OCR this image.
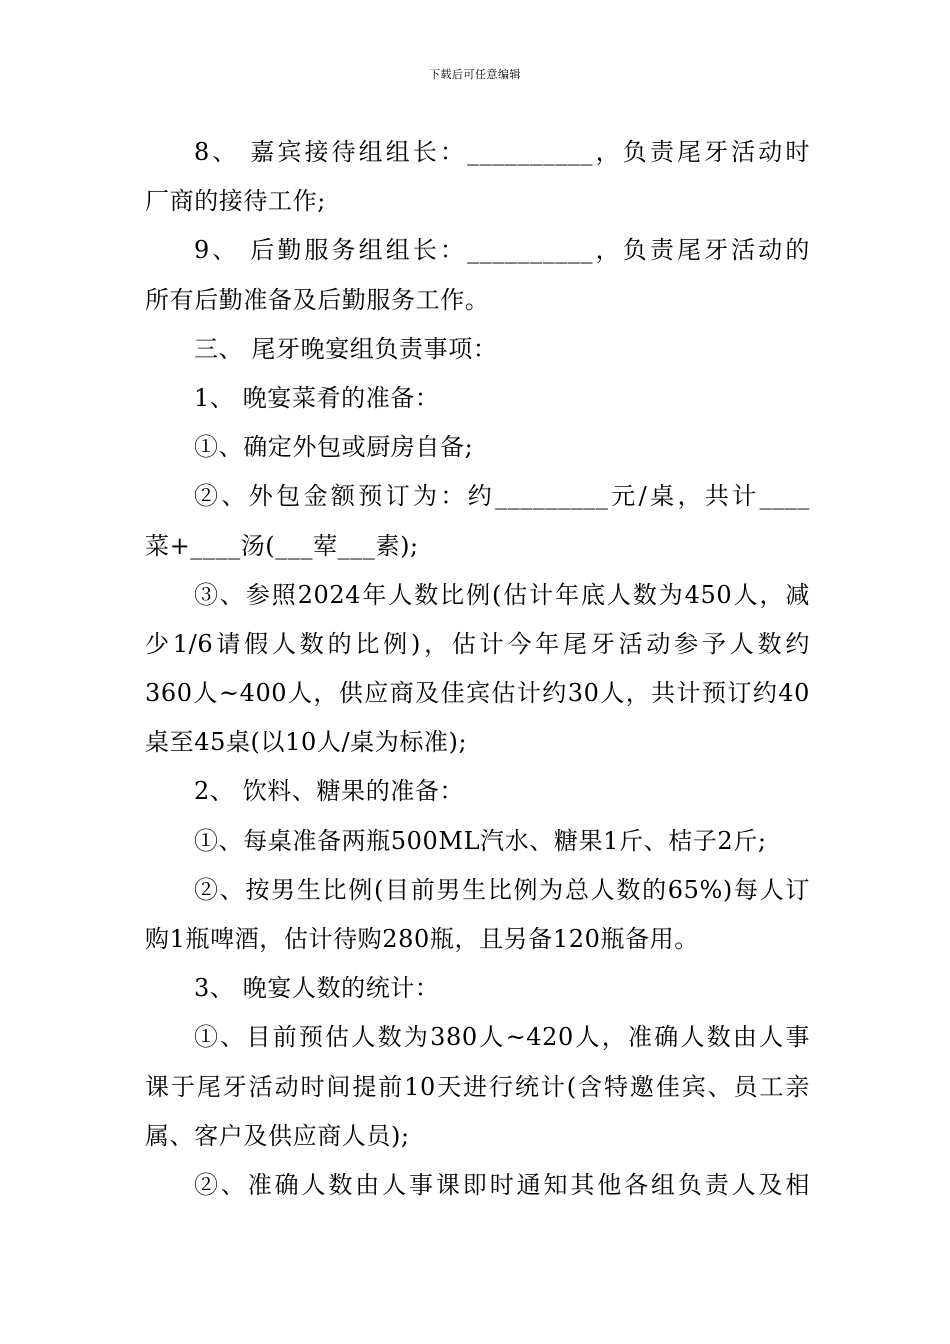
下载后可任意编辑
8、 嘉宾接待组组长：__________，负责尾牙活动时
厂商的接待工作;
9、 后勤服务组组长：__________，负责尾牙活动的
所有后勤准备及后勤服务工作。
三、 尾牙晚宴组负责事项：
1、 晚宴菜肴的准备：
①、确定外包或厨房自备;
②、外包金额预订为：约_________元/桌，共计____
菜+____汤(___荤___素);
③、参照2024年人数比例(估计年底人数为450人，减
少1/6请假人数的比例)，估计今年尾牙活动参予人数约
360人~400人，供应商及佳宾估计约30人，共计预订约40
桌至45桌(以10人/桌为标准);
2、 饮料、糖果的准备：
①、每桌准备两瓶500ML汽水、糖果1斤、桔子2斤;
②、按男生比例(目前男生比例为总人数的65%)每人订
购1瓶啤酒，估计待购280瓶，且另备120瓶备用。
3、 晚宴人数的统计：
①、目前预估人数为380人~420人，准确人数由人事
课于尾牙活动时间提前10天进行统计(含特邀佳宾、员工亲
属、客户及供应商人员);
②、准确人数由人事课即时通知其他各组负责人及相
